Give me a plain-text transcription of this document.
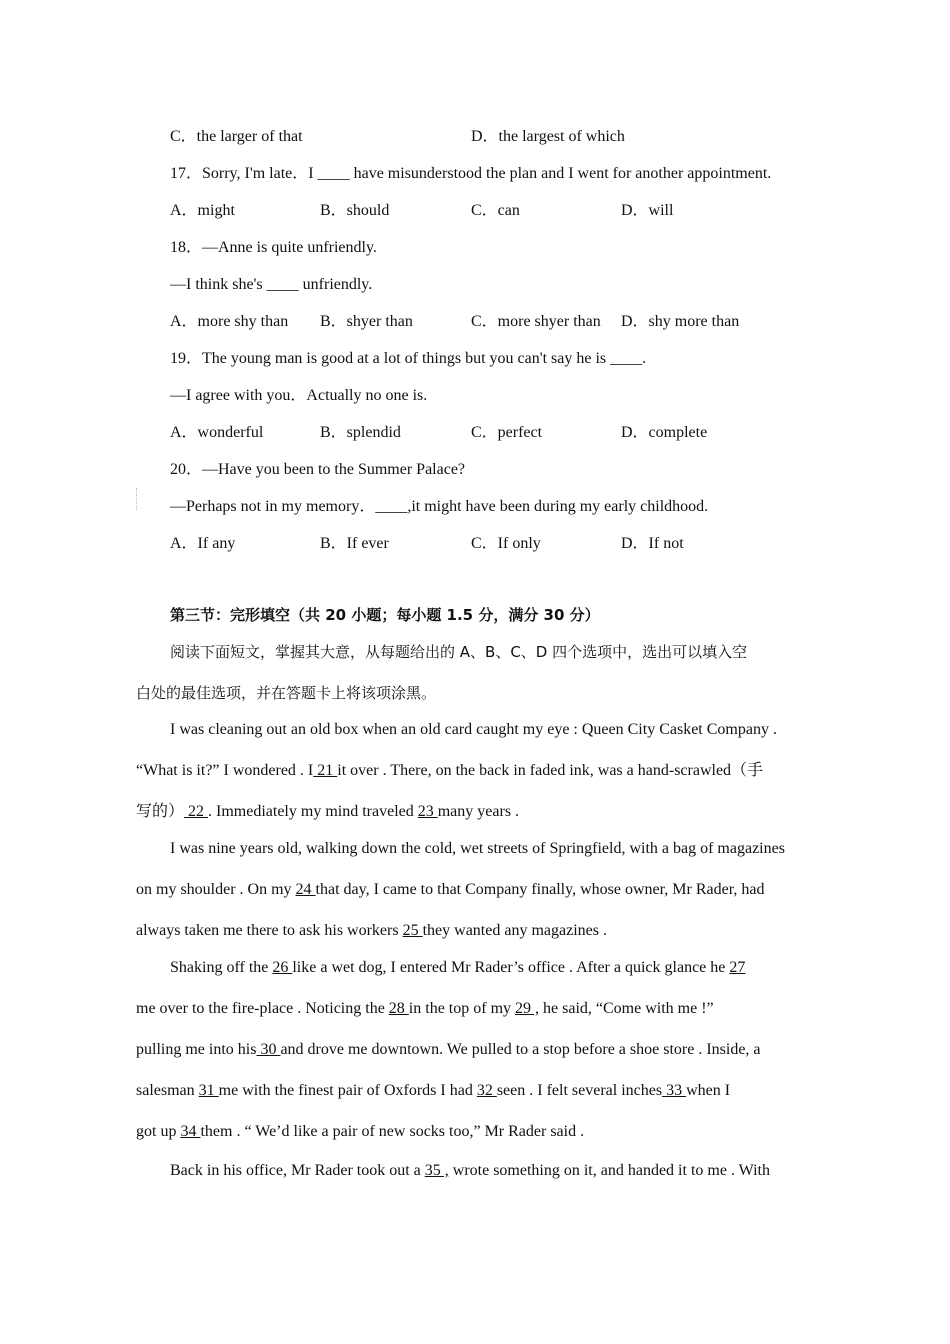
C．the larger of that	D．the largest of which
17．Sorry, I'm late．I ____ have misunderstood the plan and I went for another appointment.
A．might	B．should	C．can	D．will
18．—Anne is quite unfriendly.
—I think she's ____ unfriendly.
A．more shy than B．shyer than	C．more shyer than D．shy more than
19．The young man is good at a lot of things but you can't say he is ____.
—I agree with you．Actually no one is.
A．wonderful	B．splendid	C．perfect	D．complete
20．—Have you been to the Summer Palace?
—Perhaps not in my memory．____,it might have been during my early childhood.
A．If any	B．If ever	C．If only	D．If not
第三节：完形填空（共 20 小题；每小题 1.5 分，满分 30 分）
阅读下面短文，掌握其大意，从每题给出的 A、B、C、D 四个选项中，选出可以填入空
白处的最佳选项，并在答题卡上将该项涂黑。
I was cleaning out an old box when an old card caught my eye : Queen City Casket Company .
“What is it?” I wondered . I 21 it over . There, on the back in faded ink, was a hand-scrawled（手
写的） 22 . Immediately my mind traveled 23 many years .
I was nine years old, walking down the cold, wet streets of Springfield, with a bag of magazines
on my shoulder . On my 24 that day, I came to that Company finally, whose owner, Mr Rader, had
always taken me there to ask his workers 25 they wanted any magazines .
Shaking off the 26 like a wet dog, I entered Mr Rader’s office . After a quick glance he 27
me over to the fire-place . Noticing the 28 in the top of my 29 , he said, “Come with me !”
pulling me into his 30 and drove me downtown. We pulled to a stop before a shoe store . Inside, a
salesman 31 me with the finest pair of Oxfords I had 32 seen . I felt several inches 33 when I
got up 34 them . “ We’d like a pair of new socks too,” Mr Rader said .
Back in his office, Mr Rader took out a 35 , wrote something on it, and handed it to me . With
